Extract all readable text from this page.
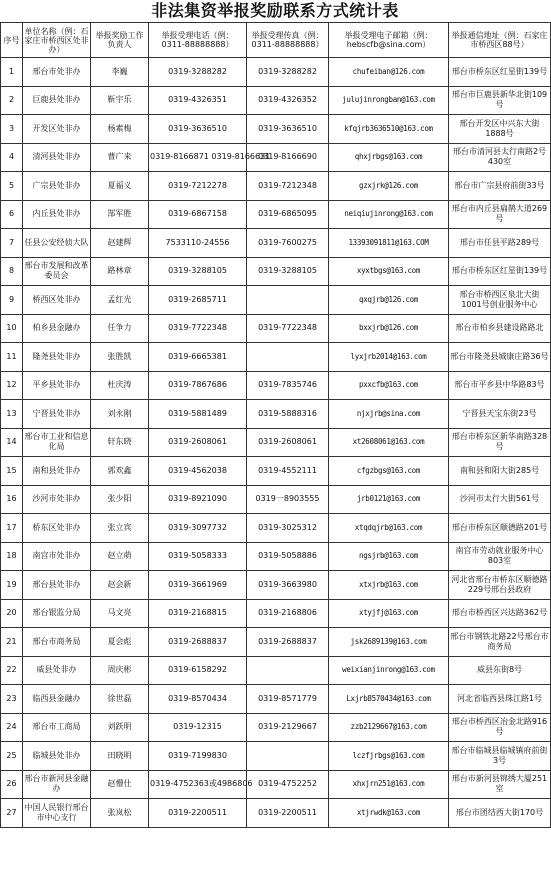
非法集资举报奖励联系方式统计表
序号	单位名称（例：石家庄市桥西区处非办）	举报奖励工作负责人	举报受理电话（例：0311-88888888）	举报受理传真（例：0311-88888888）	举报受理电子邮箱（例：hebscfb@sina.com）	举报通信地址（例：石家庄市桥西区88号）
1	邢台市处非办	李巍	0319-3288282	0319-3288282	chufeiban@126.com	邢台市桥东区红星街139号
2	巨鹿县处非办	靳宇乐	0319-4326351	0319-4326352	julujinrongban@163.com	邢台市巨鹿县新华北街109号
3	开发区处非办	杨素梅	0319-3636510	0319-3636510	kfqjrb3636510@163.com	邢台开发区中兴东大街1888号
4	清河县处非办	曹广来	0319-8166871 0319-8166631	0319-8166690	qhxjrbgs@163.com	邢台市清河县太行南路2号430室
5	广宗县处非办	夏福义	0319-7212278	0319-7212348	gzxjrk@126.com	邢台市广宗县府前街33号
6	内丘县处非办	郜军胜	0319-6867158	0319-6865095	neiqiujinrong@163.com	邢台市内丘县扁鹊大道269号
7	任县公安经侦大队	赵建辉	7533110-24556	0319-7600275	13393091811@163.COM	邢台市任县平路289号
8	邢台市发展和改革委员会	路林章	0319-3288105	0319-3288105	xyxtbgs@163.com	邢台市桥东区红星街139号
9	桥西区处非办	孟红光	0319-2685711		qxqjrb@126.com	邢台市桥西区泉北大街1001号创业服务中心
10	柏乡县金融办	任争力	0319-7722348	0319-7722348	bxxjrb@126.com	邢台市柏乡县建设路路北
11	隆尧县处非办	张胜凯	0319-6665381		lyxjrb2014@163.com	邢台市隆尧县城康庄路36号
12	平乡县处非办	杜庆涛	0319-7867686	0319-7835746	pxxcfb@163.com	邢台市平乡县中华路83号
13	宁晋县处非办	刘永刚	0319-5881489	0319-5888316	njxjrb@sina.com	宁晋县天宝东街23号
14	邢台市工业和信息化局	轩东晓	0319-2608061	0319-2608061	xt2608061@163.com	邢台市桥东区新华南路328号
15	南和县处非办	郭欢鑫	0319-4562038	0319-4552111	cfgzbgs@163.com	南和县和阳大街285号
16	沙河市处非办	张少阳	0319-8921090	0319一8903555	jrb0121@163.com	沙河市太行大街561号
17	桥东区处非办	张立宾	0319-3097732	0319-3025312	xtqdqjrb@163.com	邢台市桥东区顺德路201号
18	南宫市处非办	赵立萌	0319-5058333	0319-5058886	ngsjrb@163.com	南宫市劳动就业服务中心803室
19	邢台县处非办	赵会新	0319-3661969	0319-3663980	xtxjrb@163.com	河北省邢台市桥东区顺德路229号邢台县政府
20	邢台银监分局	马文亮	0319-2168815	0319-2168806	xtyjfj@163.com	邢台市桥西区兴达路362号
21	邢台市商务局	夏会彪	0319-2688837	0319-2688837	jsk2689139@163.com	邢台市钢铁北路22号邢台市商务局
22	威县处非办	周庆彬	0319-6158292		weixianjinrong@163.com	威县东街8号
23	临西县金融办	徐世磊	0319-8570434	0319-8571779	Lxjrb8570434@163.com	河北省临西县珠江路1号
24	邢台市工商局	刘跃明	0319-12315	0319-2129667	zzb2129667@163.com	邢台市桥西区冶金北路916号
25	临城县处非办	田晓明	0319-7199830		lczfjrbgs@163.com	邢台市临城县临城镇府前街3号
26	邢台市新河县金融办	赵懵仕	0319-4752363或4986806	0319-4752252	xhxjrn251@163.com	邢台市新河县锦绣大厦251室
27	中国人民银行邢台市中心支行	张岚松	0319-2200511	0319-2200511	xtjrwdk@163.com	邢台市团结西大街170号
